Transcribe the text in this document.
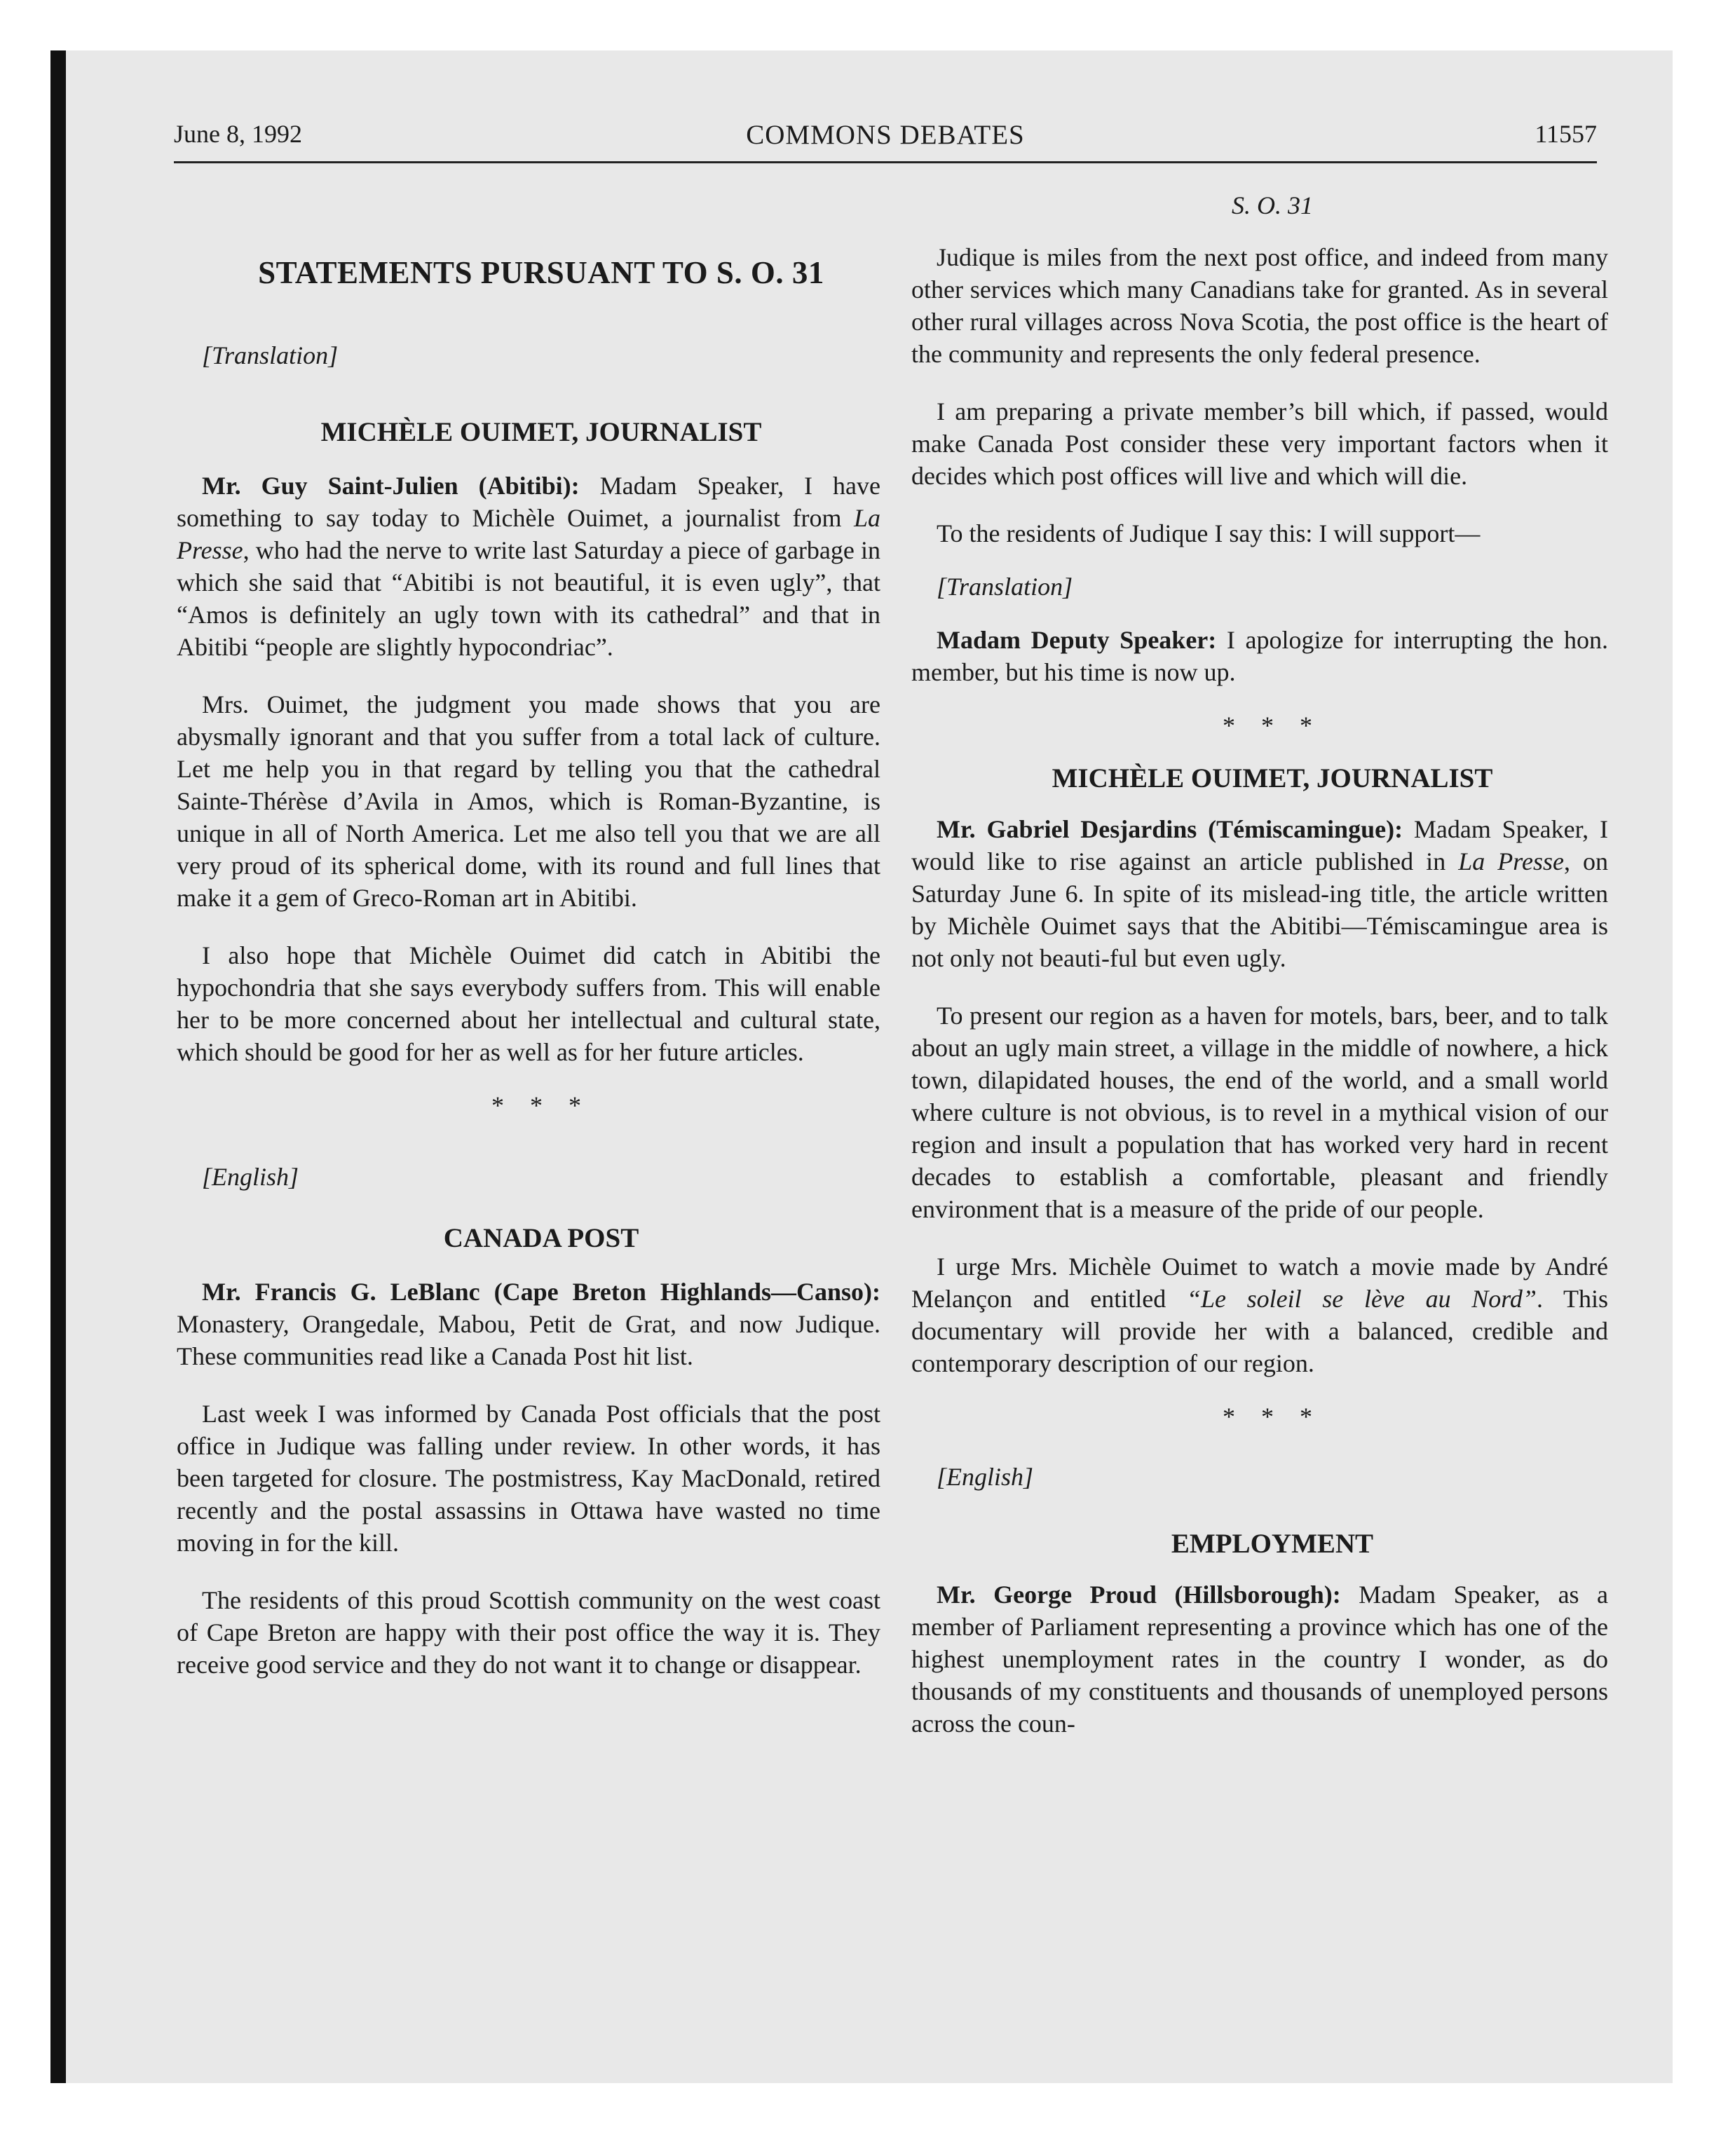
June 8, 1992	COMMONS DEBATES	11557

STATEMENTS PURSUANT TO S. O. 31

[Translation]

MICHÈLE OUIMET, JOURNALIST

Mr. Guy Saint-Julien (Abitibi): Madam Speaker, I have something to say today to Michèle Ouimet, a journalist from La Presse, who had the nerve to write last Saturday a piece of garbage in which she said that “Abitibi is not beautiful, it is even ugly”, that “Amos is definitely an ugly town with its cathedral” and that in Abitibi “people are slightly hypocondriac”.

Mrs. Ouimet, the judgment you made shows that you are abysmally ignorant and that you suffer from a total lack of culture. Let me help you in that regard by telling you that the cathedral Sainte-Thérèse d’Avila in Amos, which is Roman-Byzantine, is unique in all of North America. Let me also tell you that we are all very proud of its spherical dome, with its round and full lines that make it a gem of Greco-Roman art in Abitibi.

I also hope that Michèle Ouimet did catch in Abitibi the hypochondria that she says everybody suffers from. This will enable her to be more concerned about her intellectual and cultural state, which should be good for her as well as for her future articles.

* * *

[English]

CANADA POST

Mr. Francis G. LeBlanc (Cape Breton Highlands—Canso): Monastery, Orangedale, Mabou, Petit de Grat, and now Judique. These communities read like a Canada Post hit list.

Last week I was informed by Canada Post officials that the post office in Judique was falling under review. In other words, it has been targeted for closure. The postmistress, Kay MacDonald, retired recently and the postal assassins in Ottawa have wasted no time moving in for the kill.

The residents of this proud Scottish community on the west coast of Cape Breton are happy with their post office the way it is. They receive good service and they do not want it to change or disappear.

S. O. 31

Judique is miles from the next post office, and indeed from many other services which many Canadians take for granted. As in several other rural villages across Nova Scotia, the post office is the heart of the community and represents the only federal presence.

I am preparing a private member’s bill which, if passed, would make Canada Post consider these very important factors when it decides which post offices will live and which will die.

To the residents of Judique I say this: I will support—

[Translation]

Madam Deputy Speaker: I apologize for interrupting the hon. member, but his time is now up.

* * *

MICHÈLE OUIMET, JOURNALIST

Mr. Gabriel Desjardins (Témiscamingue): Madam Speaker, I would like to rise against an article published in La Presse, on Saturday June 6. In spite of its mislead-ing title, the article written by Michèle Ouimet says that the Abitibi—Témiscamingue area is not only not beauti-ful but even ugly.

To present our region as a haven for motels, bars, beer, and to talk about an ugly main street, a village in the middle of nowhere, a hick town, dilapidated houses, the end of the world, and a small world where culture is not obvious, is to revel in a mythical vision of our region and insult a population that has worked very hard in recent decades to establish a comfortable, pleasant and friendly environment that is a measure of the pride of our people.

I urge Mrs. Michèle Ouimet to watch a movie made by André Melançon and entitled “Le soleil se lève au Nord”. This documentary will provide her with a balanced, credible and contemporary description of our region.

* * *

[English]

EMPLOYMENT

Mr. George Proud (Hillsborough): Madam Speaker, as a member of Parliament representing a province which has one of the highest unemployment rates in the country I wonder, as do thousands of my constituents and thousands of unemployed persons across the coun-
